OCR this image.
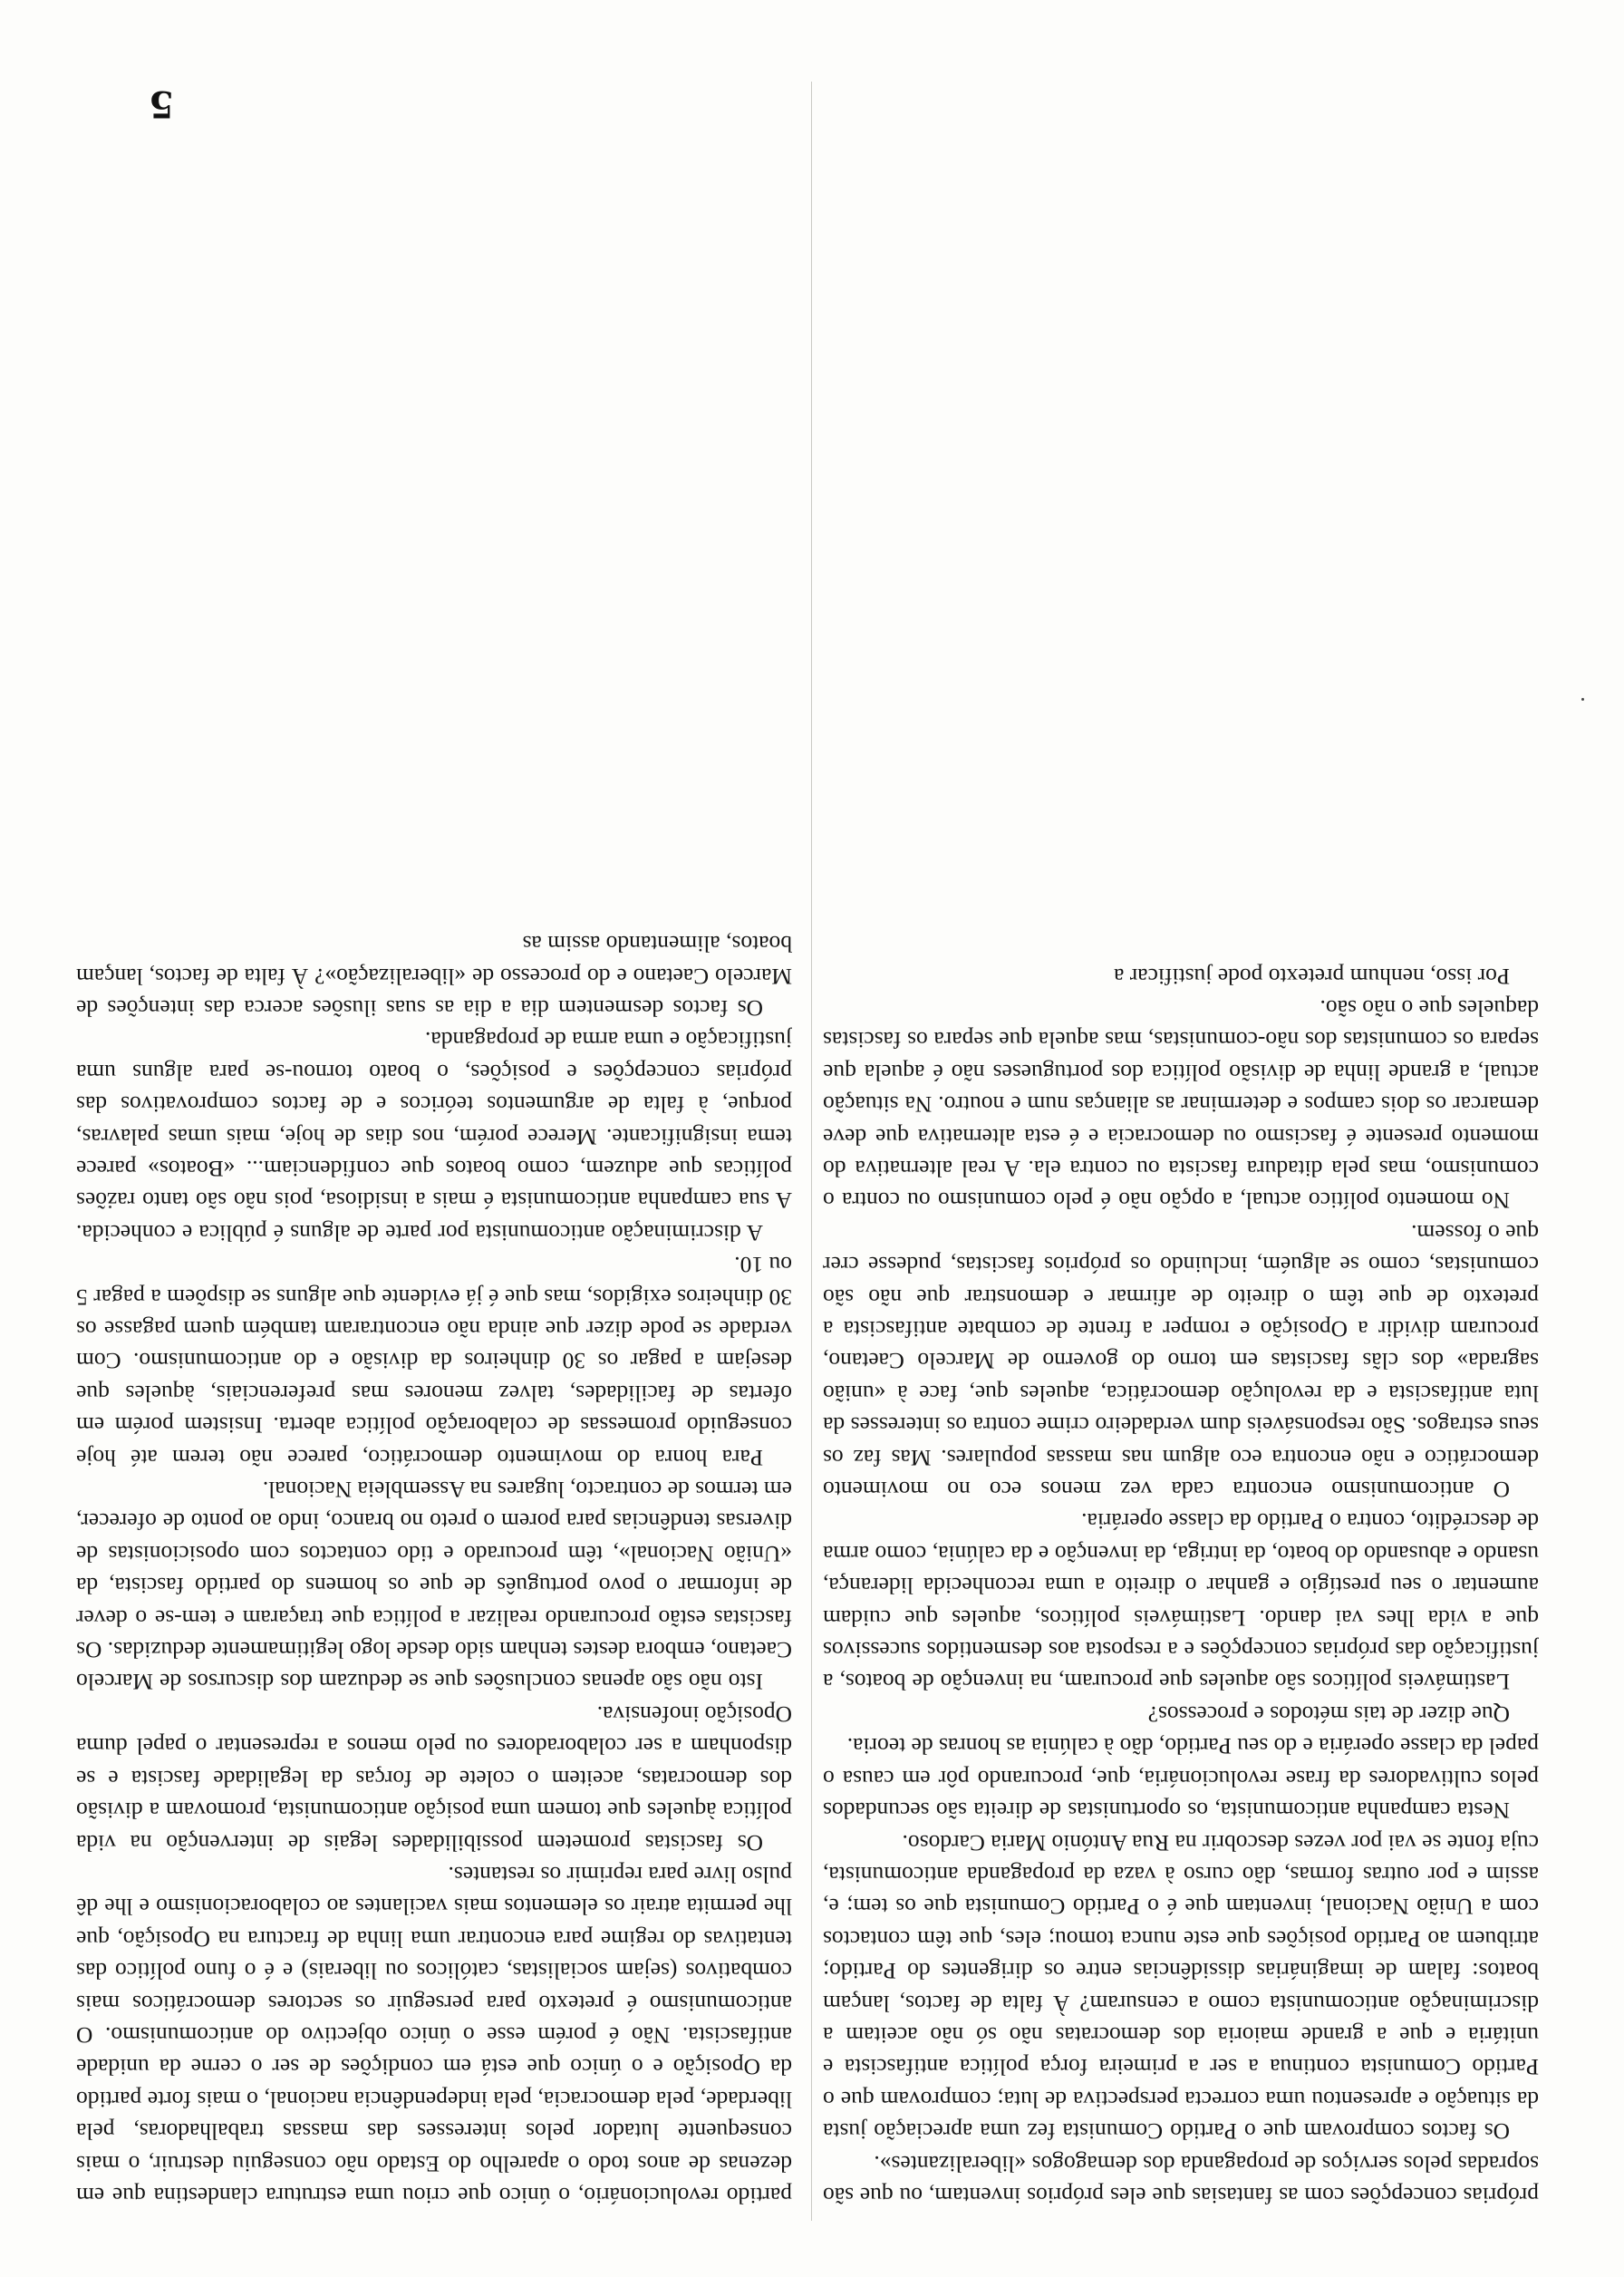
5

próprias concepções com as fantasias que eles próprios inventam, ou que são sopradas pelos serviços de propaganda dos demagogos «liberalizantes».

Os factos comprovam que o Partido Comunista fez uma apreciação justa da situação e apresentou uma correcta perspectiva de luta; comprovam que o Partido Comunista continua a ser a primeira força política antifascista e unitária e que a grande maioria dos democratas não só não aceitam a discriminação anticomunista como a censuram? À falta de factos, lançam boatos: falam de imaginárias dissidências entre os dirigentes do Partido; atribuem ao Partido posições que este nunca tomou; eles, que têm contactos com a União Nacional, inventam que é o Partido Comunista que os tem; e, assim e por outras formas, dão curso à vaza da propaganda anticomunista, cuja fonte se vai por vezes descobrir na Rua António Maria Cardoso.

Nesta campanha anticomunista, os oportunistas de direita são secundados pelos cultivadores da frase revolucionária, que, procurando pôr em causa o papel da classe operária e do seu Partido, dão à calúnia as honras de teoria.

Que dizer de tais métodos e processos?

Lastimáveis políticos são aqueles que procuram, na invenção de boatos, a justificação das próprias concepções e a resposta aos desmentidos sucessivos que a vida lhes vai dando. Lastimáveis políticos, aqueles que cuidam aumentar o seu prestígio e ganhar o direito a uma reconhecida liderança, usando e abusando do boato, da intriga, da invenção e da calúnia, como arma de descrédito, contra o Partido da classe operária.

O anticomunismo encontra cada vez menos eco no movimento democrático e não encontra eco algum nas massas populares. Mas faz os seus estragos. São responsáveis dum verdadeiro crime contra os interesses da luta antifascista e da revolução democrática, aqueles que, face à «união sagrada» dos clãs fascistas em torno do governo de Marcelo Caetano, procuram dividir a Oposição e romper a frente de combate antifascista a pretexto de que têm o direito de afirmar e demonstrar que não são comunistas, como se alguém, incluindo os próprios fascistas, pudesse crer que o fossem.

No momento político actual, a opção não é pelo comunismo ou contra o comunismo, mas pela ditadura fascista ou contra ela. A real alternativa do momento presente é fascismo ou democracia e é esta alternativa que deve demarcar os dois campos e determinar as alianças num e noutro. Na situação actual, a grande linha de divisão política dos portugueses não é aquela que separa os comunistas dos não-comunistas, mas aquela que separa os fascistas daqueles que o não são.

Por isso, nenhum pretexto pode justificar a

partido revolucionário, o único que criou uma estrutura clandestina que em dezenas de anos todo o aparelho do Estado não conseguiu destruir, o mais consequente lutador pelos interesses das massas trabalhadoras, pela liberdade, pela democracia, pela independência nacional, o mais forte partido da Oposição e o único que está em condições de ser o cerne da unidade antifascista. Não é porém esse o único objectivo do anticomunismo. O anticomunismo é pretexto para perseguir os sectores democráticos mais combativos (sejam socialistas, católicos ou liberais) e é o funo político das tentativas do regime para encontrar uma linha de fractura na Oposição, que lhe permita atrair os elementos mais vacilantes ao colaboracionismo e lhe dê pulso livre para reprimir os restantes.

Os fascistas prometem possibilidades legais de intervenção na vida política àqueles que tomem uma posição anticomunista, promovam a divisão dos democratas, aceitem o colete de forças da legalidade fascista e se disponham a ser colaboradores ou pelo menos a representar o papel duma Oposição inofensiva.

Isto não são apenas conclusões que se deduzam dos discursos de Marcelo Caetano, embora destes tenham sido desde logo legitimamente deduzidas. Os fascistas estão procurando realizar a política que traçaram e tem-se o dever de informar o povo português de que os homens do partido fascista, da «União Nacional», têm procurado e tido contactos com oposicionistas de diversas tendências para porem o preto no branco, indo ao ponto de oferecer, em termos de contracto, lugares na Assembleia Nacional.

Para honra do movimento democrático, parece não terem até hoje conseguido promessas de colaboração política aberta. Insistem porém em ofertas de facilidades, talvez menores mas preferenciais, àqueles que desejam a pagar os 30 dinheiros da divisão e do anticomunismo. Com verdade se pode dizer que ainda não encontraram também quem pagasse os 30 dinheiros exigidos, mas que é já evidente que alguns se dispõem a pagar 5 ou 10.

A discriminação anticomunista por parte de alguns é pública e conhecida. A sua campanha anticomunista é mais a insidiosa, pois não são tanto razões políticas que aduzem, como boatos que confidenciam... «Boatos» parece tema insignificante. Merece porém, nos dias de hoje, mais umas palavras, porque, à falta de argumentos teóricos e de factos comprovativos das próprias concepções e posições, o boato tornou-se para alguns uma justificação e uma arma de propaganda.

Os factos desmentem dia a dia as suas ilusões acerca das intenções de Marcelo Caetano e do processo de «liberalização»? À falta de factos, lançam boatos, alimentando assim as
